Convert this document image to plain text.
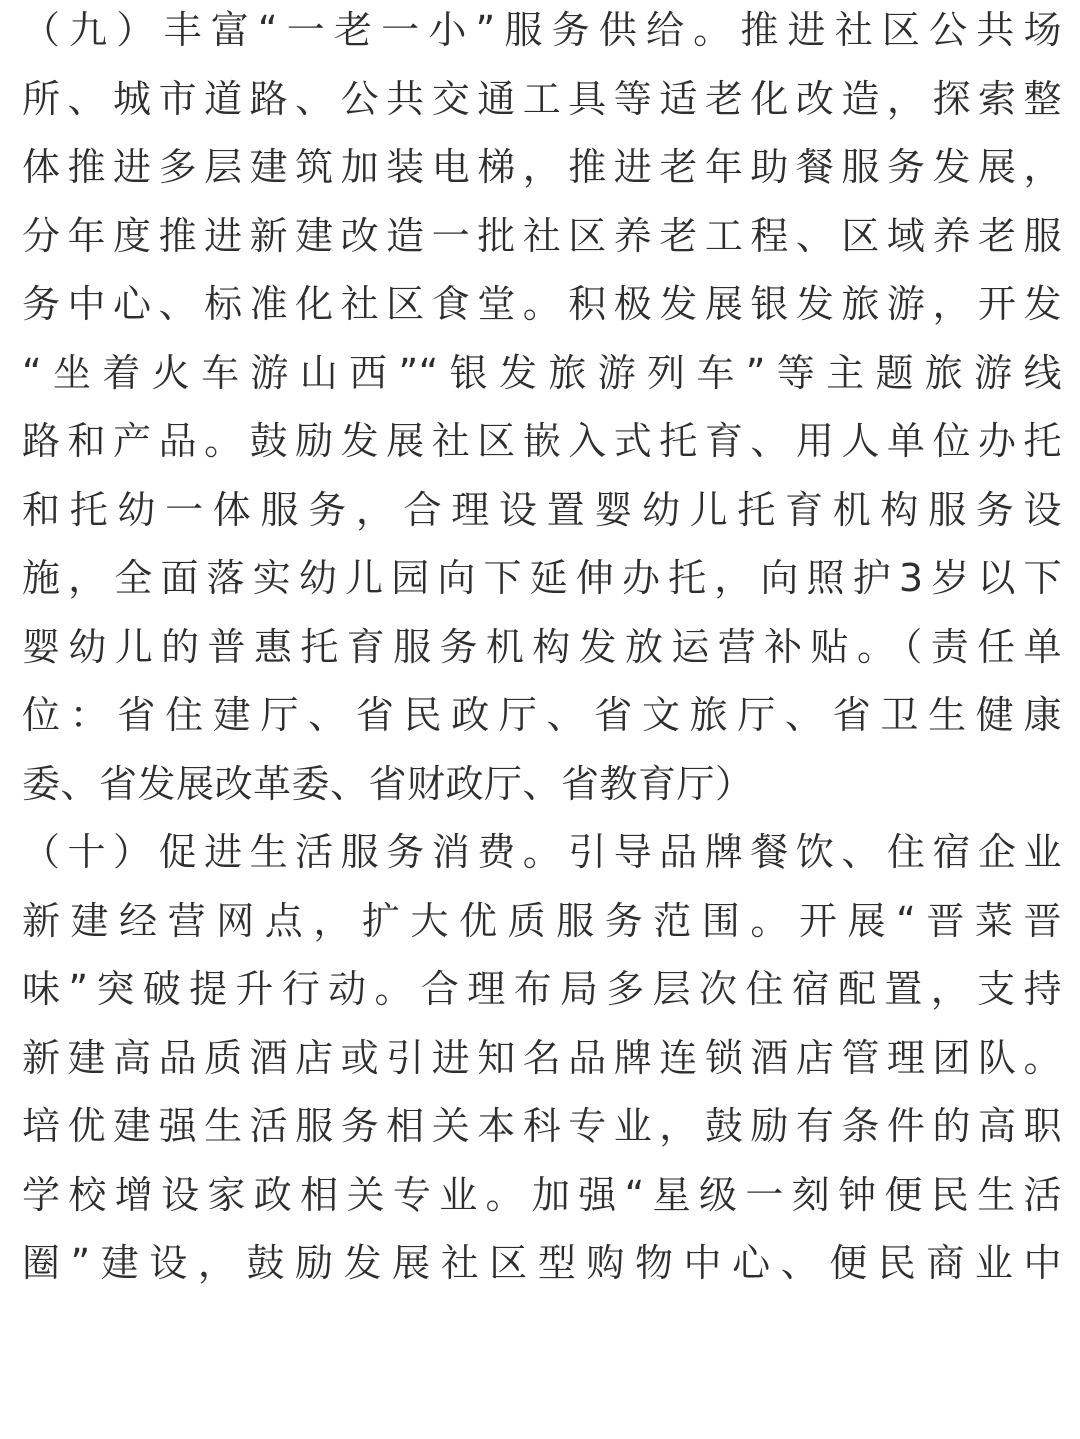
（九）丰富“一老一小”服务供给。推进社区公共场
所、城市道路、公共交通工具等适老化改造，探索整
体推进多层建筑加装电梯，推进老年助餐服务发展，
分年度推进新建改造一批社区养老工程、区域养老服
务中心、标准化社区食堂。积极发展银发旅游，开发
“坐着火车游山西”“银发旅游列车”等主题旅游线
路和产品。鼓励发展社区嵌入式托育、用人单位办托
和托幼一体服务，合理设置婴幼儿托育机构服务设
施，全面落实幼儿园向下延伸办托，向照护3岁以下
婴幼儿的普惠托育服务机构发放运营补贴。（责任单
位：省住建厅、省民政厅、省文旅厅、省卫生健康
委、省发展改革委、省财政厅、省教育厅）

（十）促进生活服务消费。引导品牌餐饮、住宿企业
新建经营网点，扩大优质服务范围。开展“晋菜晋
味”突破提升行动。合理布局多层次住宿配置，支持
新建高品质酒店或引进知名品牌连锁酒店管理团队。
培优建强生活服务相关本科专业，鼓励有条件的高职
学校增设家政相关专业。加强“星级一刻钟便民生活
圈”建设，鼓励发展社区型购物中心、便民商业中
